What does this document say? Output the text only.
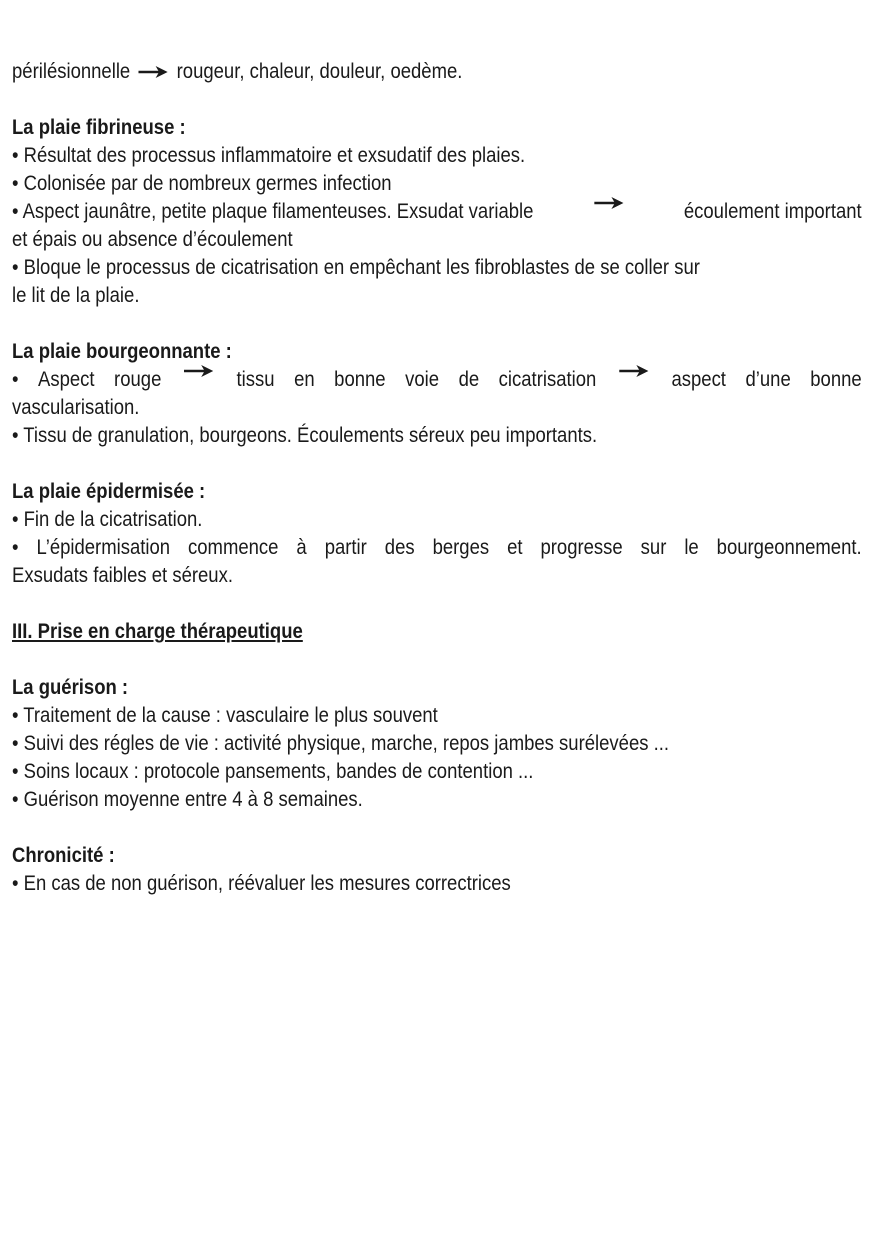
périlésionnelle rougeur, chaleur, douleur, oedème.
La plaie fibrineuse :
• Résultat des processus inflammatoire et exsudatif des plaies.
• Colonisée par de nombreux germes infection
• Aspect jaunâtre, petite plaque filamenteuses. Exsudat variable	écoulement important
et épais ou absence d’écoulement
• Bloque le processus de cicatrisation en empêchant les fibroblastes de se coller sur
le lit de la plaie.
La plaie bourgeonnante :
• Aspect rouge	tissu en bonne voie de cicatrisation	aspect d’une bonne
vascularisation.
• Tissu de granulation, bourgeons. Écoulements séreux peu importants.
La plaie épidermisée :
• Fin de la cicatrisation.
• L’épidermisation commence à partir des berges et progresse sur le bourgeonnement.
Exsudats faibles et séreux.
III. Prise en charge thérapeutique
La guérison :
• Traitement de la cause : vasculaire le plus souvent
• Suivi des régles de vie : activité physique, marche, repos jambes surélevées ...
• Soins locaux : protocole pansements, bandes de contention ...
• Guérison moyenne entre 4 à 8 semaines.
Chronicité :
• En cas de non guérison, réévaluer les mesures correctrices
